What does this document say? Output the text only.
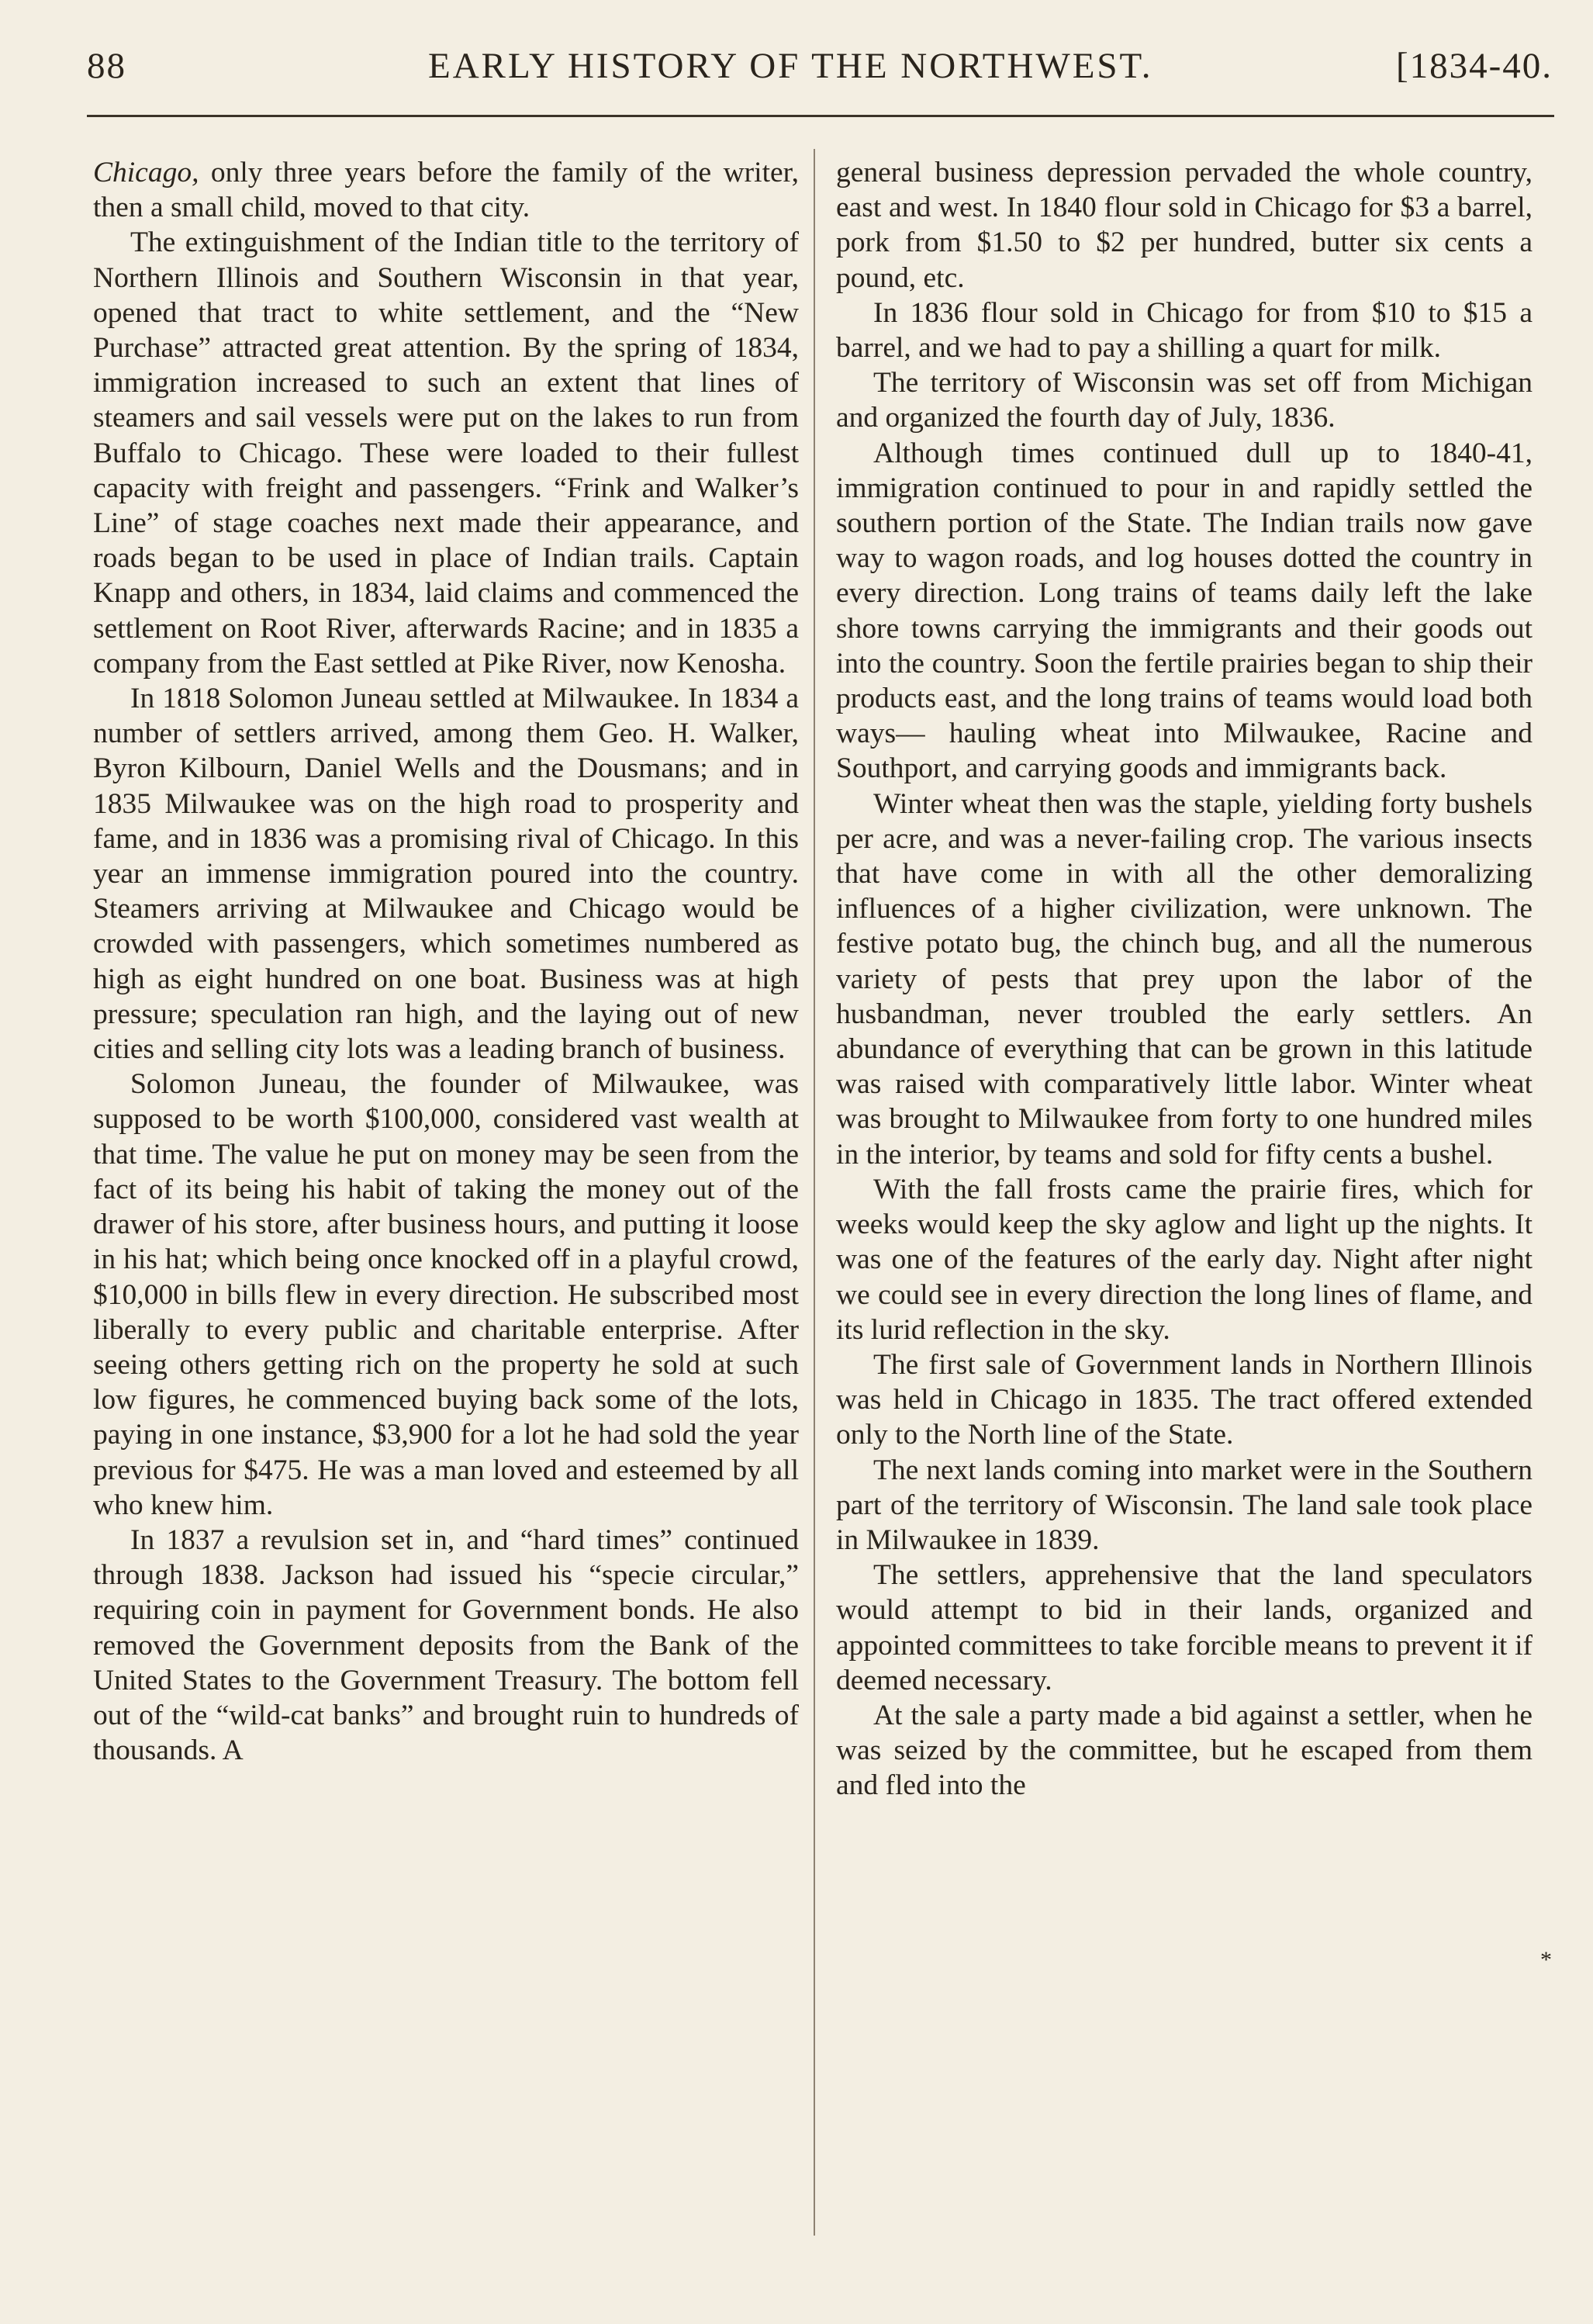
88	EARLY HISTORY OF THE NORTHWEST.	[1834-40.

Chicago, only three years before the family of the writer, then a small child, moved to that city.

The extinguishment of the Indian title to the territory of Northern Illinois and Southern Wisconsin in that year, opened that tract to white settlement, and the “New Purchase” attracted great attention. By the spring of 1834, immigration increased to such an extent that lines of steamers and sail vessels were put on the lakes to run from Buffalo to Chicago. These were loaded to their fullest capacity with freight and passengers. “Frink and Walker’s Line” of stage coaches next made their appearance, and roads began to be used in place of Indian trails. Captain Knapp and others, in 1834, laid claims and commenced the settlement on Root River, afterwards Racine; and in 1835 a company from the East settled at Pike River, now Kenosha.

In 1818 Solomon Juneau settled at Milwaukee. In 1834 a number of settlers arrived, among them Geo. H. Walker, Byron Kilbourn, Daniel Wells and the Dousmans; and in 1835 Milwaukee was on the high road to prosperity and fame, and in 1836 was a promising rival of Chicago. In this year an immense immigration poured into the country. Steamers arriving at Milwaukee and Chicago would be crowded with passengers, which sometimes numbered as high as eight hundred on one boat. Business was at high pressure; speculation ran high, and the laying out of new cities and selling city lots was a leading branch of business.

Solomon Juneau, the founder of Milwaukee, was supposed to be worth $100,000, considered vast wealth at that time. The value he put on money may be seen from the fact of its being his habit of taking the money out of the drawer of his store, after business hours, and putting it loose in his hat; which being once knocked off in a playful crowd, $10,000 in bills flew in every direction. He subscribed most liberally to every public and charitable enterprise. After seeing others getting rich on the property he sold at such low figures, he commenced buying back some of the lots, paying in one instance, $3,900 for a lot he had sold the year previous for $475. He was a man loved and esteemed by all who knew him.

In 1837 a revulsion set in, and “hard times” continued through 1838. Jackson had issued his “specie circular,” requiring coin in payment for Government bonds. He also removed the Government deposits from the Bank of the United States to the Government Treasury. The bottom fell out of the “wild-cat banks” and brought ruin to hundreds of thousands. A

general business depression pervaded the whole country, east and west. In 1840 flour sold in Chicago for $3 a barrel, pork from $1.50 to $2 per hundred, butter six cents a pound, etc.

In 1836 flour sold in Chicago for from $10 to $15 a barrel, and we had to pay a shilling a quart for milk.

The territory of Wisconsin was set off from Michigan and organized the fourth day of July, 1836.

Although times continued dull up to 1840-41, immigration continued to pour in and rapidly settled the southern portion of the State. The Indian trails now gave way to wagon roads, and log houses dotted the country in every direction. Long trains of teams daily left the lake shore towns carrying the immigrants and their goods out into the country. Soon the fertile prairies began to ship their products east, and the long trains of teams would load both ways— hauling wheat into Milwaukee, Racine and Southport, and carrying goods and immigrants back.

Winter wheat then was the staple, yielding forty bushels per acre, and was a never-failing crop. The various insects that have come in with all the other demoralizing influences of a higher civilization, were unknown. The festive potato bug, the chinch bug, and all the numerous variety of pests that prey upon the labor of the husbandman, never troubled the early settlers. An abundance of everything that can be grown in this latitude was raised with comparatively little labor. Winter wheat was brought to Milwaukee from forty to one hundred miles in the interior, by teams and sold for fifty cents a bushel.

With the fall frosts came the prairie fires, which for weeks would keep the sky aglow and light up the nights. It was one of the features of the early day. Night after night we could see in every direction the long lines of flame, and its lurid reflection in the sky.

The first sale of Government lands in Northern Illinois was held in Chicago in 1835. The tract offered extended only to the North line of the State.

The next lands coming into market were in the Southern part of the territory of Wisconsin. The land sale took place in Milwaukee in 1839.

The settlers, apprehensive that the land speculators would attempt to bid in their lands, organized and appointed committees to take forcible means to prevent it if deemed necessary.

At the sale a party made a bid against a settler, when he was seized by the committee, but he escaped from them and fled into the

*
